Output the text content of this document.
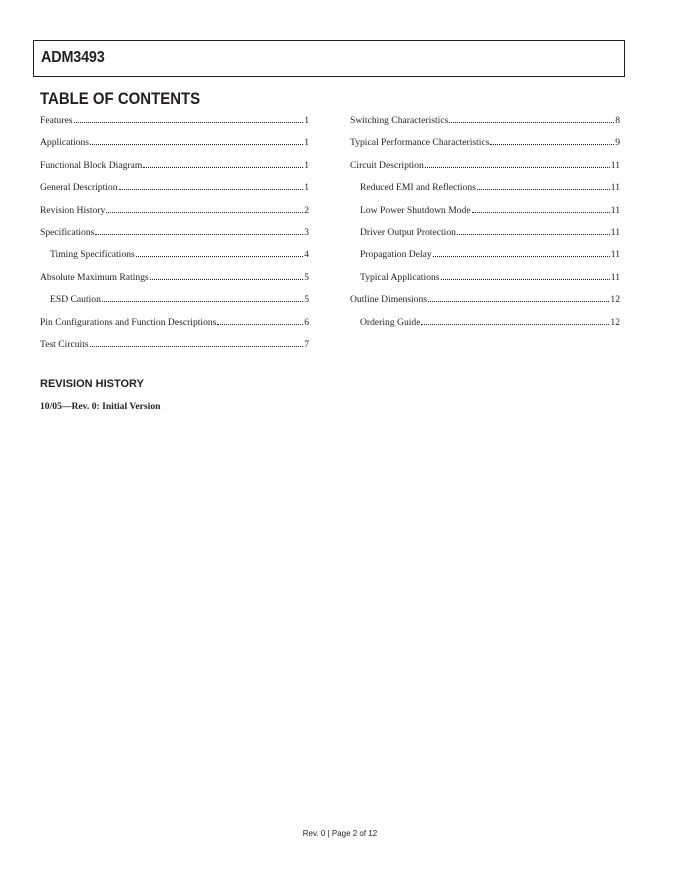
ADM3493
TABLE OF CONTENTS
Features	1
Applications	1
Functional Block Diagram	1
General Description	1
Revision History	2
Specifications	3
Timing Specifications	4
Absolute Maximum Ratings	5
ESD Caution	5
Pin Configurations and Function Descriptions	6
Test Circuits	7
Switching Characteristics	8
Typical Performance Characteristics	9
Circuit Description	11
Reduced EMI and Reflections	11
Low Power Shutdown Mode	11
Driver Output Protection	11
Propagation Delay	11
Typical Applications	11
Outline Dimensions	12
Ordering Guide	12
REVISION HISTORY
10/05—Rev. 0: Initial Version
Rev. 0 | Page 2 of 12
